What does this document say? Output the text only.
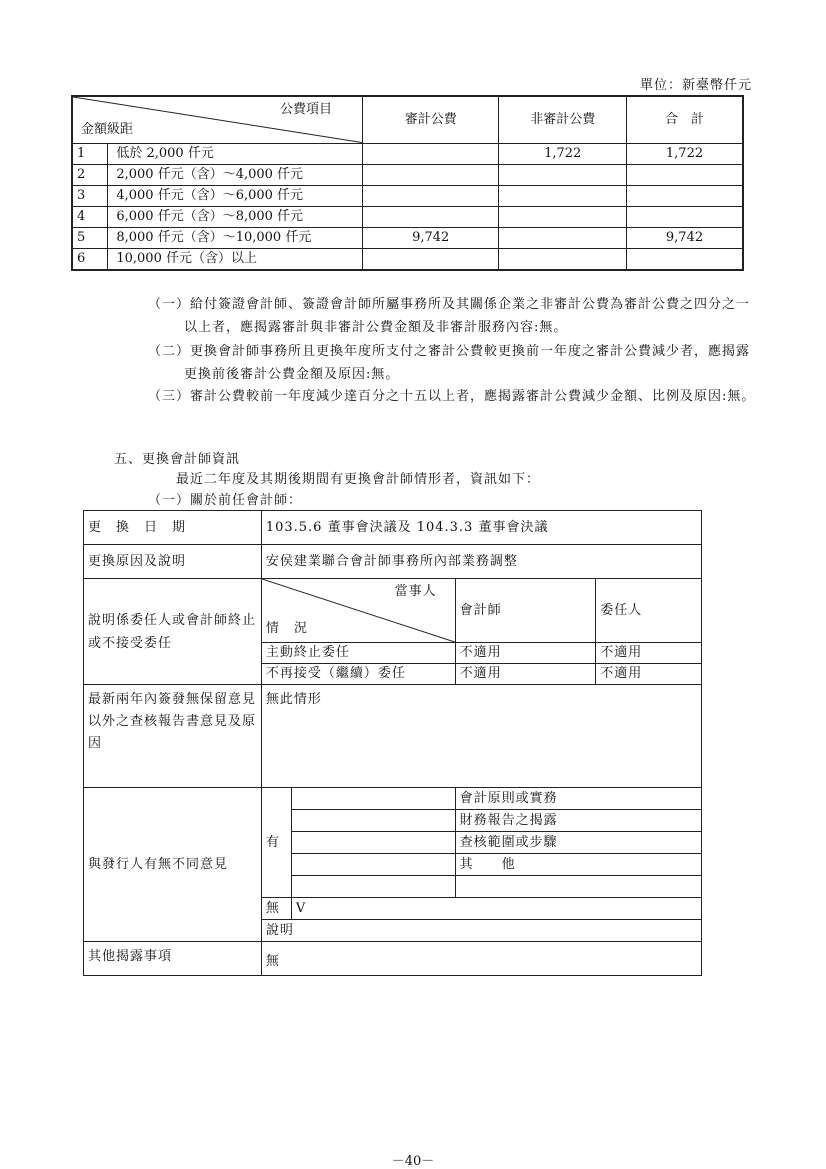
單位：新臺幣仟元
公費項目
金額級距		審計公費	非審計公費	合　計
1	低於 2,000 仟元		1,722	1,722
2	2,000 仟元（含）～4,000 仟元			
3	4,000 仟元（含）～6,000 仟元			
4	6,000 仟元（含）～8,000 仟元			
5	8,000 仟元（含）～10,000 仟元	9,742		9,742
6	10,000 仟元（含）以上			
（一）給付簽證會計師、簽證會計師所屬事務所及其關係企業之非審計公費為審計公費之四分之一以上者，應揭露審計與非審計公費金額及非審計服務內容:無。
（二）更換會計師事務所且更換年度所支付之審計公費較更換前一年度之審計公費減少者，應揭露更換前後審計公費金額及原因:無。
（三）審計公費較前一年度減少達百分之十五以上者，應揭露審計公費減少金額、比例及原因:無。
五、更換會計師資訊
最近二年度及其期後期間有更換會計師情形者，資訊如下：
（一）關於前任會計師：
更　換　日　期	103.5.6 董事會決議及 104.3.3 董事會決議			
更換原因及說明	安侯建業聯合會計師事務所內部業務調整			
說明係委任人或會計師終止或不接受委任	當事人
情　況		會計師	委任人
	主動終止委任		不適用	不適用
	不再接受（繼續）委任		不適用	不適用
最新兩年內簽發無保留意見以外之查核報告書意見及原因	無此情形			
與發行人有無不同意見	有		會計原則或實務	
			財務報告之揭露	
			查核範圍或步驟	
			其　　他	

	無	V		
	說明			
其他揭露事項	無			
－40－
